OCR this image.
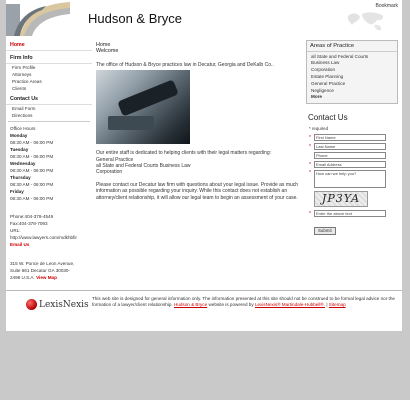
Hudson & Bryce
Bookmark
Home
Firm Info
Firm Profile
Attorneys
Practice Areas
Clients
Contact Us
Email Form
Directions
Office Hours
Monday
08:30 AM - 06:00 PM
Tuesday
08:30 AM - 06:00 PM
Wednesday
08:30 AM - 06:00 PM
Thursday
08:30 AM - 06:00 PM
Friday
08:30 AM - 06:00 PM
Phone:404-378-4549
Fax:404-378-7093
URL:
http://www.lawyers.com/mdkhbfir
Email Us
315 W. Ponce de Leon Avenue,
Suite 661 Decatur GA 30030-
2498 U.S.A. View Map
Home
Welcome
The office of Hudson & Bryce practices law in Decatur, Georgia and DeKalb Co..
Our entire staff is dedicated to helping clients with their legal matters regarding:
General Practice
all State and Federal Courts Business Law
Corporation
Please contact our Decatur law firm with questions about your legal issue. Provide as much information as possible regarding your inquiry. While this contact does not establish an attorney/client relationship, it will allow our legal team to begin an assessment of your case.
Areas of Practice
all State and Federal Courts
Business Law
Corporation
Estate Planning
General Practice
Negligence
More
Contact Us
* required
*	First Name
*	Last Name
Phone
*	Email Address
*	How can we help you?
JP3YA
*	Enter the above text
Submit
LexisNexis
This web site is designed for general information only. The information presented at this site should not be construed to be formal legal advice nor the formation of a lawyer/client relationship. Hudson & Bryce website is powered by LexisNexis® Martindale-Hubbell®. | Sitemap
